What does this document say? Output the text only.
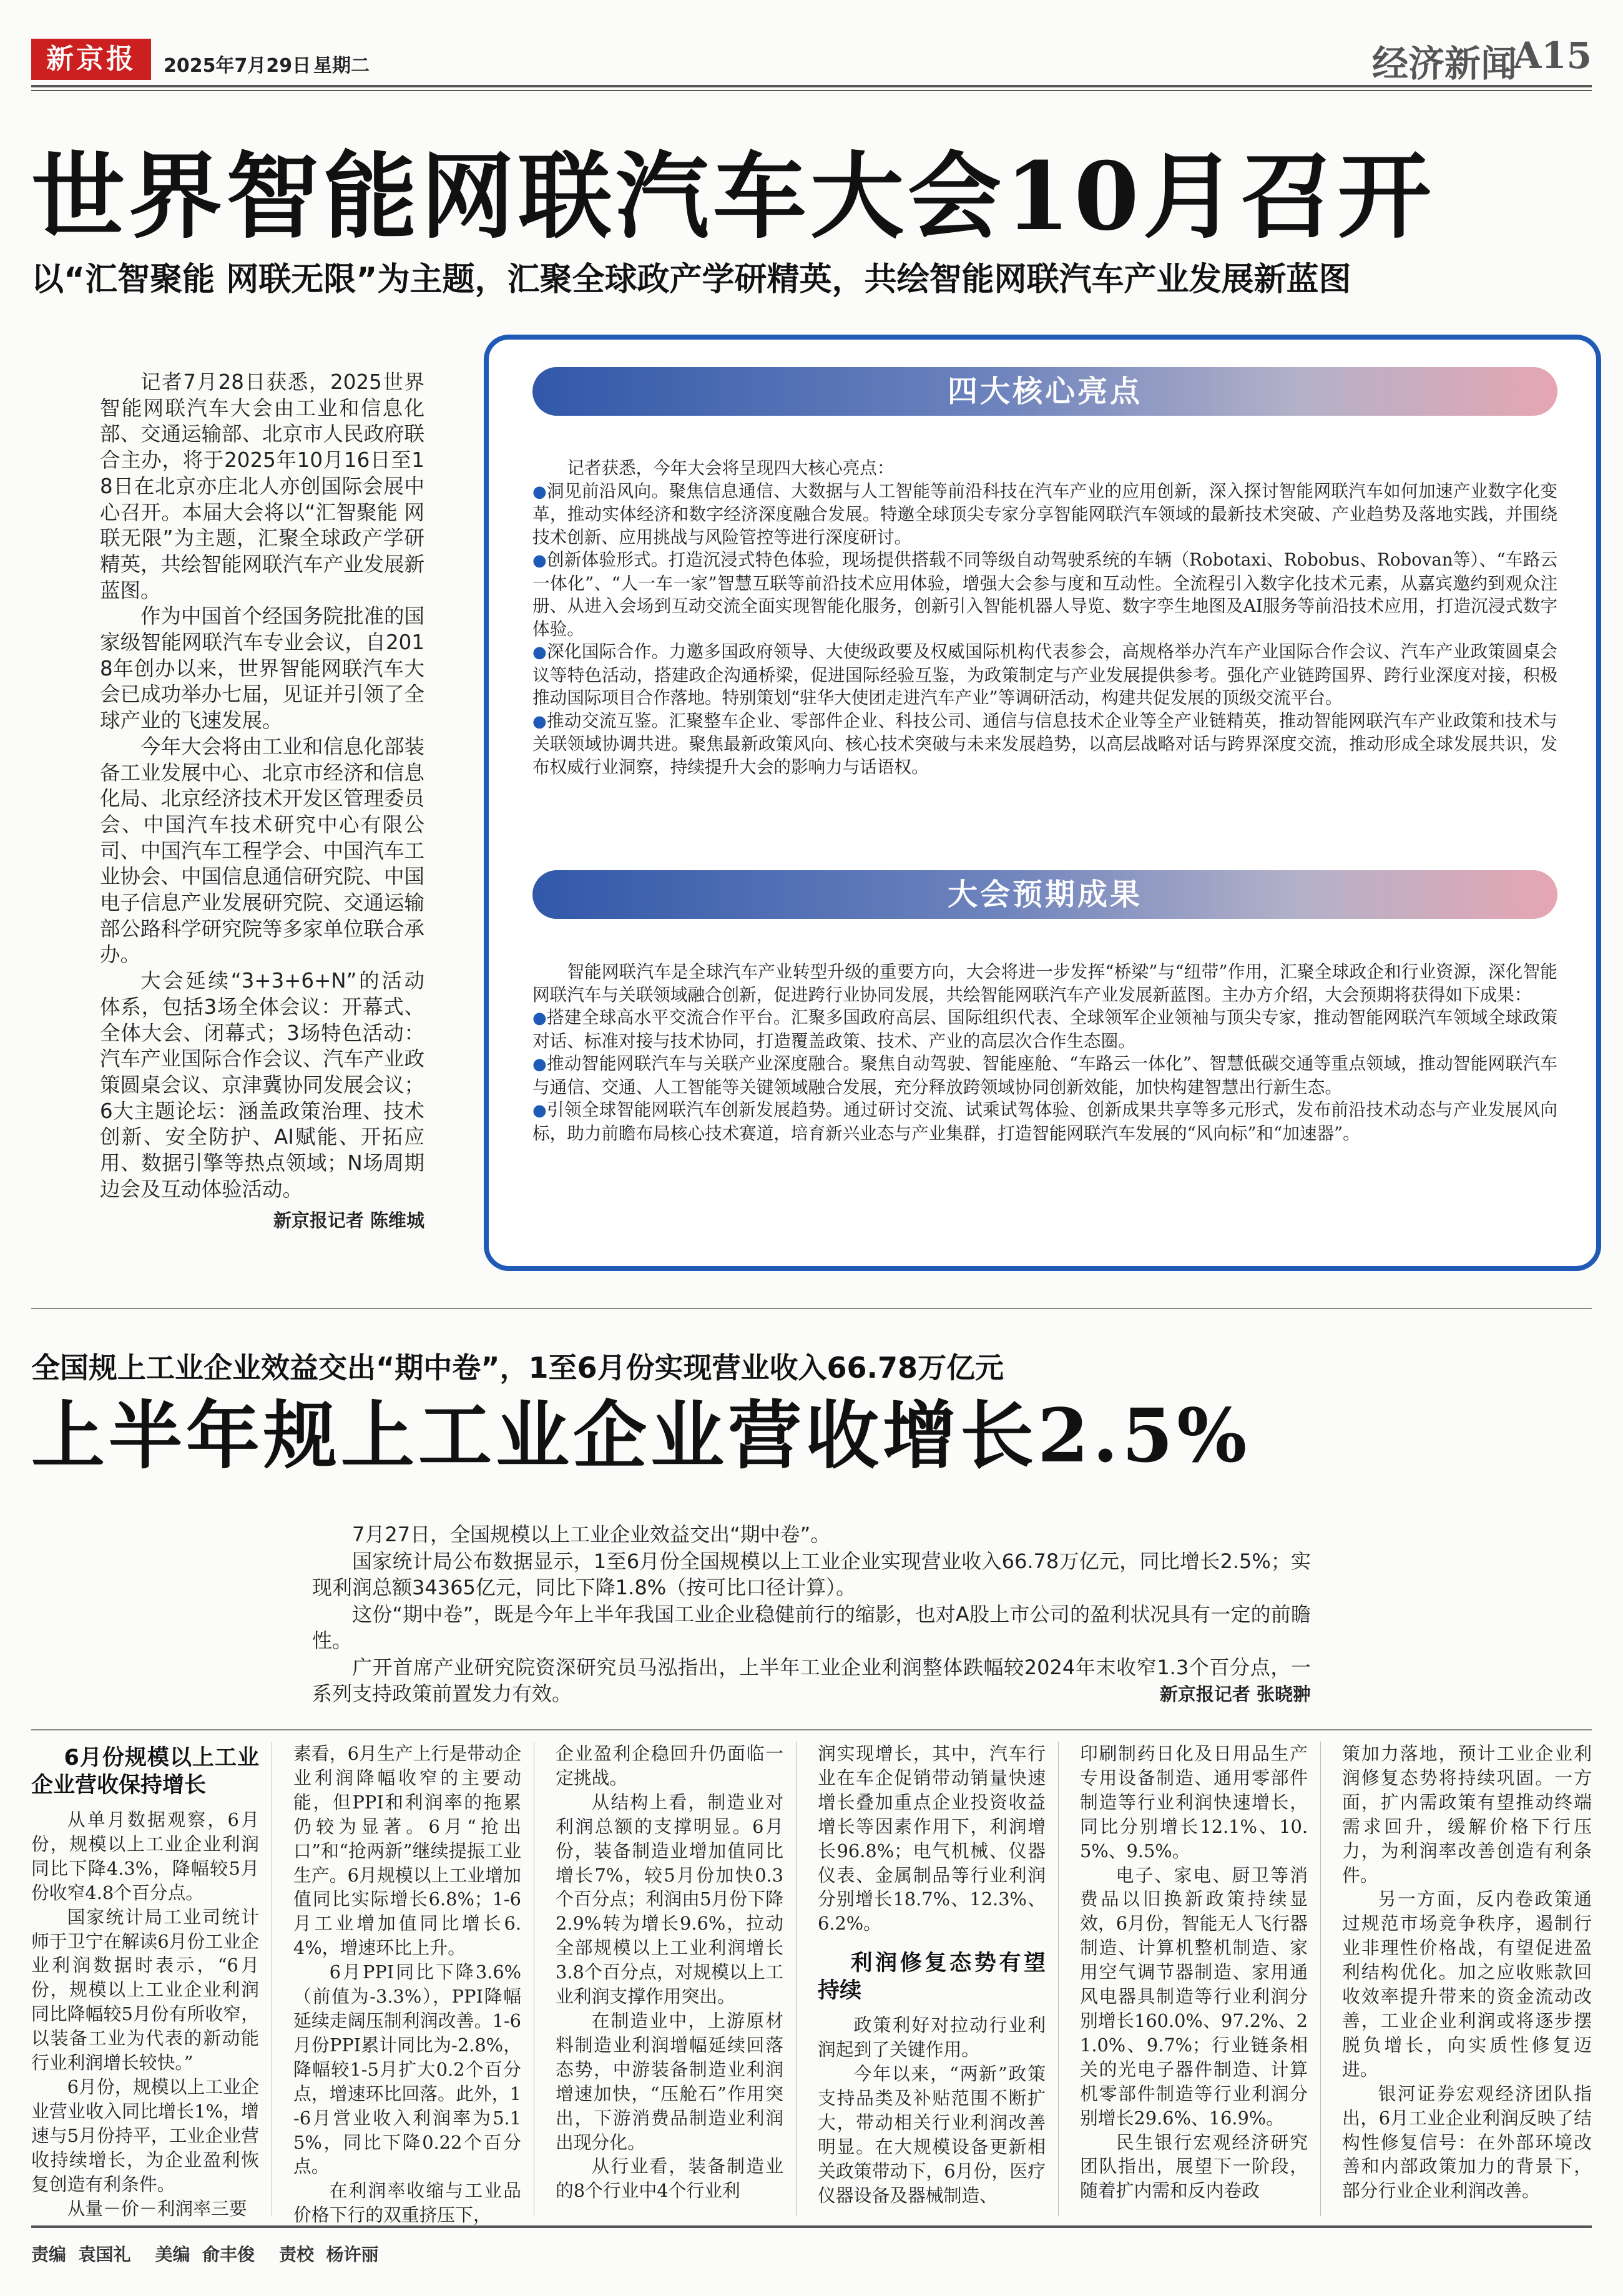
新京报	2025年7月29日 星期二	经济新闻
A15
世界智能网联汽车大会10月召开
以“汇智聚能 网联无限”为主题，汇聚全球政产学研精英，共绘智能网联汽车产业发展新蓝图

记者7月28日获悉，2025世界智能网联汽车大会由工业和信息化部、交通运输部、北京市人民政府联合主办，将于2025年10月16日至18日在北京亦庄北人亦创国际会展中心召开。本届大会将以“汇智聚能 网联无限”为主题，汇聚全球政产学研精英，共绘智能网联汽车产业发展新蓝图。

作为中国首个经国务院批准的国家级智能网联汽车专业会议，自2018年创办以来，世界智能网联汽车大会已成功举办七届，见证并引领了全球产业的飞速发展。

今年大会将由工业和信息化部装备工业发展中心、北京市经济和信息化局、北京经济技术开发区管理委员会、中国汽车技术研究中心有限公司、中国汽车工程学会、中国汽车工业协会、中国信息通信研究院、中国电子信息产业发展研究院、交通运输部公路科学研究院等多家单位联合承办。

大会延续“3+3+6+N”的活动体系，包括3场全体会议：开幕式、全体大会、闭幕式；3场特色活动：汽车产业国际合作会议、汽车产业政策圆桌会议、京津冀协同发展会议；6大主题论坛：涵盖政策治理、技术创新、安全防护、AI赋能、开拓应用、数据引擎等热点领域；N场周期边会及互动体验活动。

新京报记者 陈维城
四大核心亮点

记者获悉，今年大会将呈现四大核心亮点：

●洞见前沿风向。聚焦信息通信、大数据与人工智能等前沿科技在汽车产业的应用创新，深入探讨智能网联汽车如何加速产业数字化变革，推动实体经济和数字经济深度融合发展。特邀全球顶尖专家分享智能网联汽车领域的最新技术突破、产业趋势及落地实践，并围绕技术创新、应用挑战与风险管控等进行深度研讨。

●创新体验形式。打造沉浸式特色体验，现场提供搭载不同等级自动驾驶系统的车辆（Robotaxi、Robobus、Robovan等）、“车路云一体化”、“人一车一家”智慧互联等前沿技术应用体验，增强大会参与度和互动性。全流程引入数字化技术元素，从嘉宾邀约到观众注册、从进入会场到互动交流全面实现智能化服务，创新引入智能机器人导览、数字孪生地图及AI服务等前沿技术应用，打造沉浸式数字体验。

●深化国际合作。力邀多国政府领导、大使级政要及权威国际机构代表参会，高规格举办汽车产业国际合作会议、汽车产业政策圆桌会议等特色活动，搭建政企沟通桥梁，促进国际经验互鉴，为政策制定与产业发展提供参考。强化产业链跨国界、跨行业深度对接，积极推动国际项目合作落地。特别策划“驻华大使团走进汽车产业”等调研活动，构建共促发展的顶级交流平台。

●推动交流互鉴。汇聚整车企业、零部件企业、科技公司、通信与信息技术企业等全产业链精英，推动智能网联汽车产业政策和技术与关联领域协调共进。聚焦最新政策风向、核心技术突破与未来发展趋势，以高层战略对话与跨界深度交流，推动形成全球发展共识，发布权威行业洞察，持续提升大会的影响力与话语权。

大会预期成果

智能网联汽车是全球汽车产业转型升级的重要方向，大会将进一步发挥“桥梁”与“纽带”作用，汇聚全球政企和行业资源，深化智能网联汽车与关联领域融合创新，促进跨行业协同发展，共绘智能网联汽车产业发展新蓝图。主办方介绍，大会预期将获得如下成果：

●搭建全球高水平交流合作平台。汇聚多国政府高层、国际组织代表、全球领军企业领袖与顶尖专家，推动智能网联汽车领域全球政策对话、标准对接与技术协同，打造覆盖政策、技术、产业的高层次合作生态圈。

●推动智能网联汽车与关联产业深度融合。聚焦自动驾驶、智能座舱、“车路云一体化”、智慧低碳交通等重点领域，推动智能网联汽车与通信、交通、人工智能等关键领域融合发展，充分释放跨领域协同创新效能，加快构建智慧出行新生态。

●引领全球智能网联汽车创新发展趋势。通过研讨交流、试乘试驾体验、创新成果共享等多元形式，发布前沿技术动态与产业发展风向标，助力前瞻布局核心技术赛道，培育新兴业态与产业集群，打造智能网联汽车发展的“风向标”和“加速器”。

全国规上工业企业效益交出“期中卷”，1至6月份实现营业收入66.78万亿元
上半年规上工业企业营收增长2.5%

7月27日，全国规模以上工业企业效益交出“期中卷”。

国家统计局公布数据显示，1至6月份全国规模以上工业企业实现营业收入66.78万亿元，同比增长2.5%；实现利润总额34365亿元，同比下降1.8%（按可比口径计算）。

这份“期中卷”，既是今年上半年我国工业企业稳健前行的缩影，也对A股上市公司的盈利状况具有一定的前瞻性。

广开首席产业研究院资深研究员马泓指出，上半年工业企业利润整体跌幅较2024年末收窄1.3个百分点，一系列支持政策前置发力有效。	新京报记者 张晓翀
6月份规模以上工业企业营收保持增长

从单月数据观察，6月份，规模以上工业企业利润同比下降4.3%，降幅较5月份收窄4.8个百分点。

国家统计局工业司统计师于卫宁在解读6月份工业企业利润数据时表示，“6月份，规模以上工业企业利润同比降幅较5月份有所收窄，以装备工业为代表的新动能行业利润增长较快。”

6月份，规模以上工业企业营业收入同比增长1%，增速与5月份持平，工业企业营收持续增长，为企业盈利恢复创造有利条件。

从量－价－利润率三要

素看，6月生产上行是带动企业利润降幅收窄的主要动能，但PPI和利润率的拖累仍较为显著。6月“抢出口”和“抢两新”继续提振工业生产。6月规模以上工业增加值同比实际增长6.8%；1-6月工业增加值同比增长6.4%，增速环比上升。

6月PPI同比下降3.6%（前值为-3.3%），PPI降幅延续走阔压制利润改善。1-6月份PPI累计同比为-2.8%，降幅较1-5月扩大0.2个百分点，增速环比回落。此外，1-6月営业收入利润率为5.15%，同比下降0.22个百分点。

在利润率收缩与工业品价格下行的双重挤压下，

企业盈利企稳回升仍面临一定挑战。

从结构上看，制造业对利润总额的支撑明显。6月份，装备制造业增加值同比增长7%，较5月份加快0.3个百分点；利润由5月份下降2.9%转为增长9.6%，拉动全部规模以上工业利润增长3.8个百分点，对规模以上工业利润支撑作用突出。

在制造业中，上游原材料制造业利润增幅延续回落态势，中游装备制造业利润增速加快，“压舱石”作用突出，下游消费品制造业利润出现分化。

从行业看，装备制造业的8个行业中4个行业利

润实现增长，其中，汽车行业在车企促销带动销量快速增长叠加重点企业投资收益增长等因素作用下，利润增长96.8%；电气机械、仪器仪表、金属制品等行业利润分别增长18.7%、12.3%、6.2%。

利润修复态势有望持续

政策利好对拉动行业利润起到了关键作用。

今年以来，“两新”政策支持品类及补贴范围不断扩大，带动相关行业利润改善明显。在大规模设备更新相关政策带动下，6月份，医疗仪器设备及器械制造、

印刷制药日化及日用品生产专用设备制造、通用零部件制造等行业利润快速增长，同比分别增长12.1%、10.5%、9.5%。

电子、家电、厨卫等消费品以旧换新政策持续显效，6月份，智能无人飞行器制造、计算机整机制造、家用空气调节器制造、家用通风电器具制造等行业利润分别增长160.0%、97.2%、21.0%、9.7%；行业链条相关的光电子器件制造、计算机零部件制造等行业利润分别增长29.6%、16.9%。

民生银行宏观经济研究团队指出，展望下一阶段，随着扩内需和反内卷政

策加力落地，预计工业企业利润修复态势将持续巩固。一方面，扩内需政策有望推动终端需求回升，缓解价格下行压力，为利润率改善创造有利条件。

另一方面，反内卷政策通过规范市场竞争秩序，遏制行业非理性价格战，有望促进盈利结构优化。加之应收账款回收效率提升带来的资金流动改善，工业企业利润或将逐步摆脱负增长，向实质性修复迈进。

银河证券宏观经济团队指出，6月工业企业利润反映了结构性修复信号：在外部环境改善和内部政策加力的背景下，部分行业企业利润改善。

责编  袁国礼    美编  俞丰俊    责校  杨许丽
